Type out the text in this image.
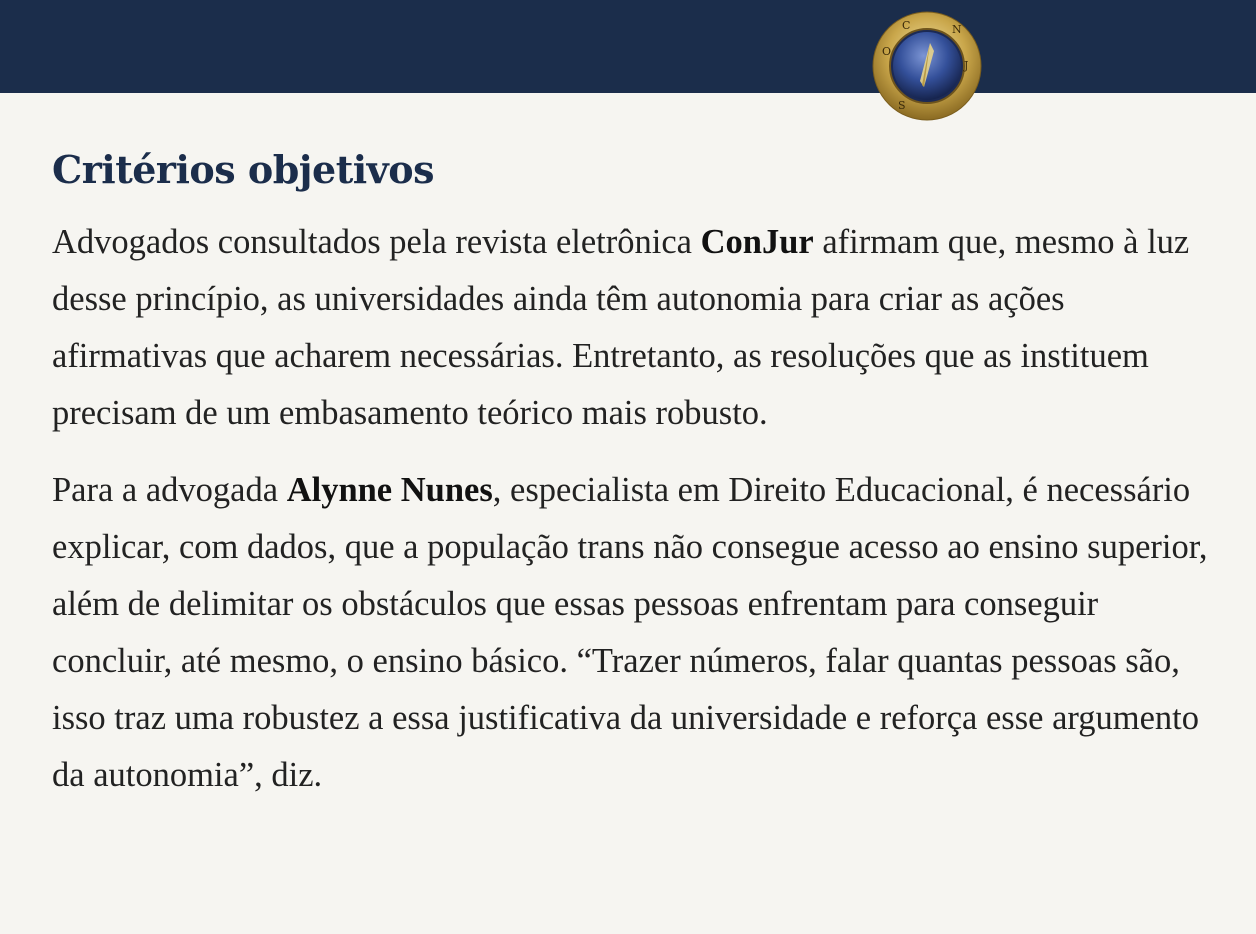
N
J
O
S
C
Critérios objetivos

Advogados consultados pela revista eletrônica ConJur afirmam que, mesmo à luz desse princípio, as universidades ainda têm autonomia para criar as ações afirmativas que acharem necessárias. Entretanto, as resoluções que as instituem precisam de um embasamento teórico mais robusto.

Para a advogada Alynne Nunes, especialista em Direito Educacional, é necessário explicar, com dados, que a população trans não consegue acesso ao ensino superior, além de delimitar os obstáculos que essas pessoas enfrentam para conseguir concluir, até mesmo, o ensino básico. “Trazer números, falar quantas pessoas são, isso traz uma robustez a essa justificativa da universidade e reforça esse argumento da autonomia”, diz.
